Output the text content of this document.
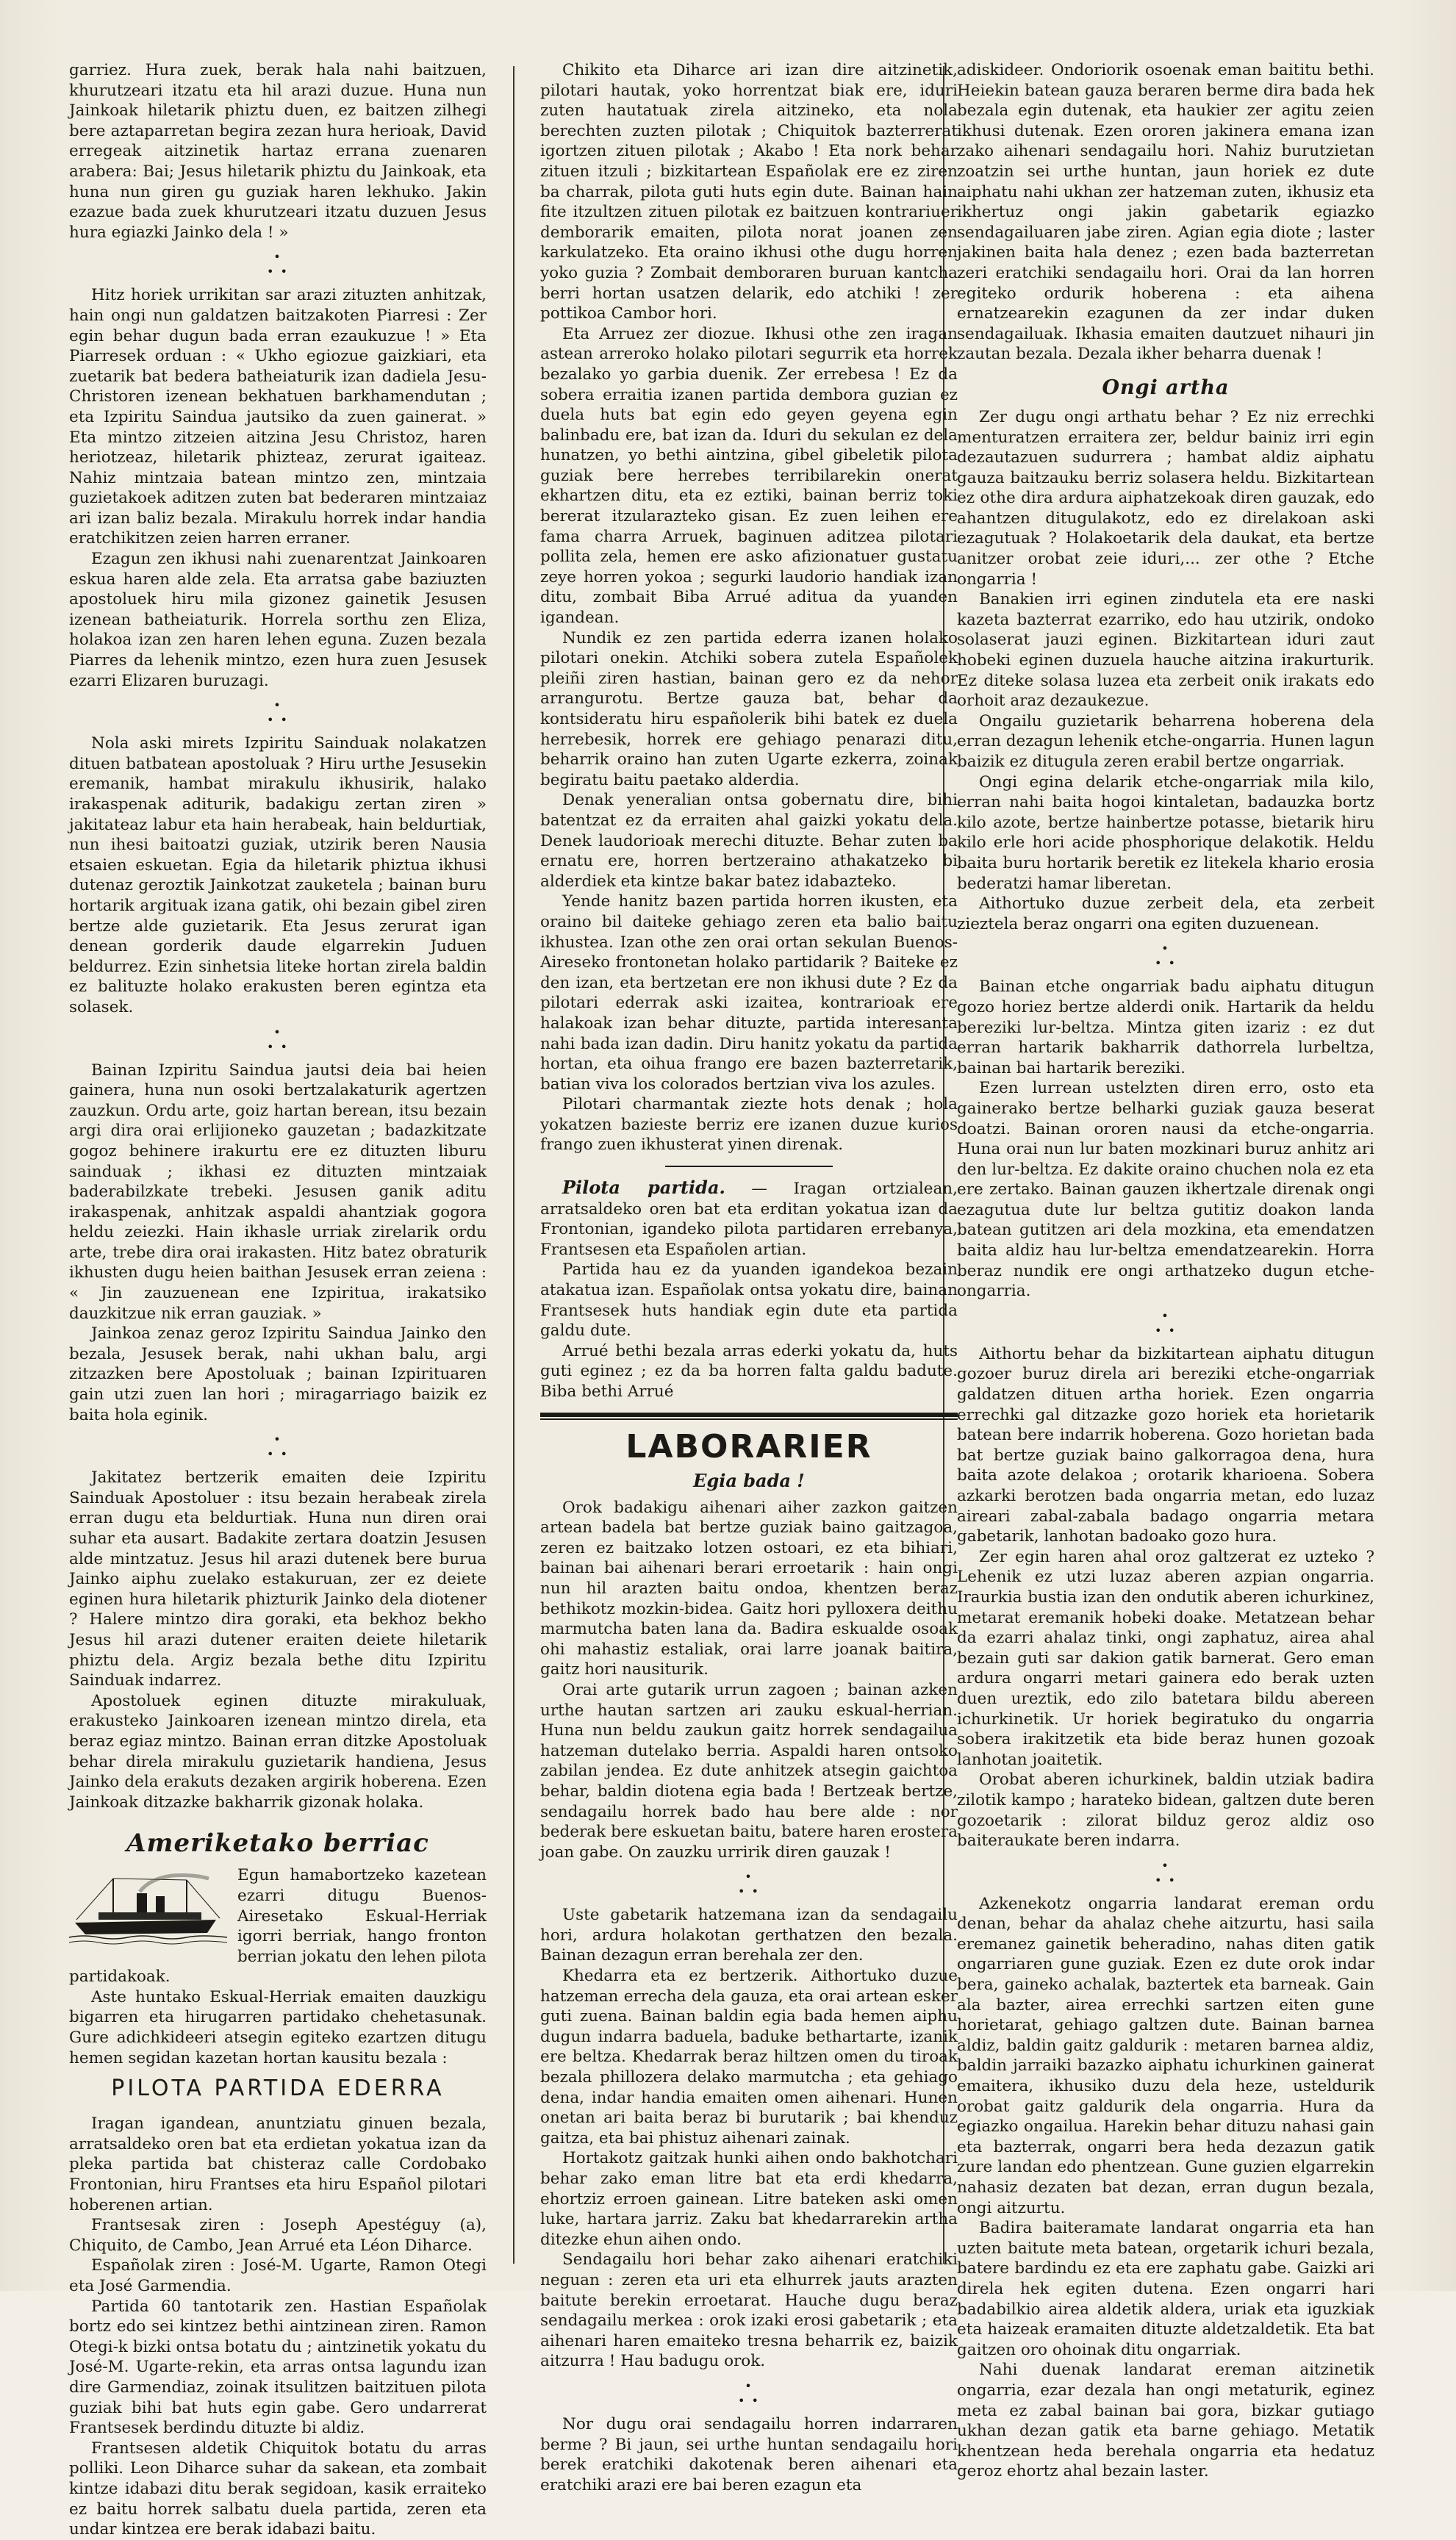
garriez. Hura zuek, berak hala nahi baitzuen, khurutzeari itzatu eta hil arazi duzue. Huna nun Jainkoak hiletarik phiztu duen, ez baitzen zilhegi bere aztaparretan begira zezan hura herioak, David erregeak aitzinetik hartaz errana zuenaren arabera: Bai; Jesus hiletarik phiztu du Jainkoak, eta huna nun giren gu guziak haren lekhuko. Jakin ezazue bada zuek khurutzeari itzatu duzuen Jesus hura egiazki Jainko dela ! »

•
• •

Hitz horiek urrikitan sar arazi zituzten anhitzak, hain ongi nun galdatzen baitzakoten Piarresi : Zer egin behar dugun bada erran ezaukuzue ! » Eta Piarresek orduan : « Ukho egiozue gaizkiari, eta zuetarik bat bedera batheiaturik izan dadiela Jesu-Christoren izenean bekhatuen barkhamendutan ; eta Izpiritu Saindua jautsiko da zuen gainerat. » Eta mintzo zitzeien aitzina Jesu Christoz, haren heriotzeaz, hiletarik phizteaz, zerurat igaiteaz. Nahiz mintzaia batean mintzo zen, mintzaia guzietakoek aditzen zuten bat bederaren mintzaiaz ari izan baliz bezala. Mirakulu horrek indar handia eratchikitzen zeien harren erraner.

Ezagun zen ikhusi nahi zuenarentzat Jainkoaren eskua haren alde zela. Eta arratsa gabe baziuzten apostoluek hiru mila gizonez gainetik Jesusen izenean batheiaturik. Horrela sorthu zen Eliza, holakoa izan zen haren lehen eguna. Zuzen bezala Piarres da lehenik mintzo, ezen hura zuen Jesusek ezarri Elizaren buruzagi.

•
• •

Nola aski mirets Izpiritu Sainduak nolakatzen dituen batbatean apostoluak ? Hiru urthe Jesusekin eremanik, hambat mirakulu ikhusirik, halako irakaspenak aditurik, badakigu zertan ziren » jakitateaz labur eta hain herabeak, hain beldurtiak, nun ihesi baitoatzi guziak, utzirik beren Nausia etsaien eskuetan. Egia da hiletarik phiztua ikhusi dutenaz geroztik Jainkotzat zauketela ; bainan buru hortarik argituak izana gatik, ohi bezain gibel ziren bertze alde guzietarik. Eta Jesus zerurat igan denean gorderik daude elgarrekin Juduen beldurrez. Ezin sinhetsia liteke hortan zirela baldin ez balituzte holako erakusten beren egintza eta solasek.

•
• •

Bainan Izpiritu Saindua jautsi deia bai heien gainera, huna nun osoki bertzalakaturik agertzen zauzkun. Ordu arte, goiz hartan berean, itsu bezain argi dira orai erlijioneko gauzetan ; badazkitzate gogoz behinere irakurtu ere ez dituzten liburu sainduak ; ikhasi ez dituzten mintzaiak baderabilzkate trebeki. Jesusen ganik aditu irakaspenak, anhitzak aspaldi ahantziak gogora heldu zeiezki. Hain ikhasle urriak zirelarik ordu arte, trebe dira orai irakasten. Hitz batez obraturik ikhusten dugu heien baithan Jesusek erran zeiena : « Jin zauzuenean ene Izpiritua, irakatsiko dauzkitzue nik erran gauziak. »

Jainkoa zenaz geroz Izpiritu Saindua Jainko den bezala, Jesusek berak, nahi ukhan balu, argi zitzazken bere Apostoluak ; bainan Izpirituaren gain utzi zuen lan hori ; miragarriago baizik ez baita hola eginik.

•
• •

Jakitatez bertzerik emaiten deie Izpiritu Sainduak Apostoluer : itsu bezain herabeak zirela erran dugu eta beldurtiak. Huna nun diren orai suhar eta ausart. Badakite zertara doatzin Jesusen alde mintzatuz. Jesus hil arazi dutenek bere burua Jainko aiphu zuelako estakuruan, zer ez deiete eginen hura hiletarik phizturik Jainko dela diotener ? Halere mintzo dira goraki, eta bekhoz bekho Jesus hil arazi dutener eraiten deiete hiletarik phiztu dela. Argiz bezala bethe ditu Izpiritu Sainduak indarrez.

Apostoluek eginen dituzte mirakuluak, erakusteko Jainkoaren izenean mintzo direla, eta beraz egiaz mintzo. Bainan erran ditzke Apostoluak behar direla mirakulu guzietarik handiena, Jesus Jainko dela erakuts dezaken argirik hoberena. Ezen Jainkoak ditzazke bakharrik gizonak holaka.

Ameriketako berriac

Egun hamabortzeko kazetean ezarri ditugu Buenos-Airesetako Eskual-Herriak igorri berriak, hango fronton berrian jokatu den lehen pilota partidakoak.

Aste huntako Eskual-Herriak emaiten dauzkigu bigarren eta hirugarren partidako chehetasunak. Gure adichkideeri atsegin egiteko ezartzen ditugu hemen segidan kazetan hortan kausitu bezala :

PILOTA PARTIDA EDERRA

Iragan igandean, anuntziatu ginuen bezala, arratsaldeko oren bat eta erdietan yokatua izan da pleka partida bat chisteraz calle Cordobako Frontonian, hiru Frantses eta hiru Español pilotari hoberenen artian.

Frantsesak ziren : Joseph Apestéguy (a), Chiquito, de Cambo, Jean Arrué eta Léon Diharce.

Españolak ziren : José-M. Ugarte, Ramon Otegi eta José Garmendia.

Partida 60 tantotarik zen. Hastian Españolak bortz edo sei kintzez bethi aintzinean ziren. Ramon Otegi-k bizki ontsa botatu du ; aintzinetik yokatu du José-M. Ugarte-rekin, eta arras ontsa lagundu izan dire Garmendiaz, zoinak itsulitzen baitzituen pilota guziak bihi bat huts egin gabe. Gero undarrerat Frantsesek berdindu dituzte bi aldiz.

Frantsesen aldetik Chiquitok botatu du arras polliki. Leon Diharce suhar da sakean, eta zombait kintze idabazi ditu berak segidoan, kasik erraiteko ez baitu horrek salbatu duela partida, zeren eta undar kintzea ere berak idabazi baitu.

Chikito eta Diharce ari izan dire aitzinetik, pilotari hautak, yoko horrentzat biak ere, iduri zuten hautatuak zirela aitzineko, eta nola berechten zuzten pilotak ; Chiquitok bazterrerat igortzen zituen pilotak ; Akabo ! Eta nork behar zituen itzuli ; bizkitartean Españolak ere ez ziren ba charrak, pilota guti huts egin dute. Bainan hain fite itzultzen zituen pilotak ez baitzuen kontrariuer demborarik emaiten, pilota norat joanen zen karkulatzeko. Eta oraino ikhusi othe dugu horren yoko guzia ? Zombait demboraren buruan kantcha berri hortan usatzen delarik, edo atchiki ! zer pottikoa Cambor hori.

Eta Arruez zer diozue. Ikhusi othe zen iragan astean arreroko holako pilotari segurrik eta horrek bezalako yo garbia duenik. Zer errebesa ! Ez da sobera erraitia izanen partida dembora guzian ez duela huts bat egin edo geyen geyena egin balinbadu ere, bat izan da. Iduri du sekulan ez dela hunatzen, yo bethi aintzina, gibel gibeletik pilota guziak bere herrebes terribilarekin onerat ekhartzen ditu, eta ez eztiki, bainan berriz toki bererat itzularazteko gisan. Ez zuen leihen ere fama charra Arruek, baginuen aditzea pilotari pollita zela, hemen ere asko afizionatuer gustatu zeye horren yokoa ; segurki laudorio handiak izan ditu, zombait Biba Arrué aditua da yuanden igandean.

Nundik ez zen partida ederra izanen holako pilotari onekin. Atchiki sobera zutela Españolek pleiñi ziren hastian, bainan gero ez da nehor arrangurotu. Bertze gauza bat, behar da kontsideratu hiru españolerik bihi batek ez duela herrebesik, horrek ere gehiago penarazi ditu, beharrik oraino han zuten Ugarte ezkerra, zoinak begiratu baitu paetako alderdia.

Denak yeneralian ontsa gobernatu dire, bihi batentzat ez da erraiten ahal gaizki yokatu dela. Denek laudorioak merechi dituzte. Behar zuten ba ernatu ere, horren bertzeraino athakatzeko bi alderdiek eta kintze bakar batez idabazteko.

Yende hanitz bazen partida horren ikusten, eta oraino bil daiteke gehiago zeren eta balio baitu ikhustea. Izan othe zen orai ortan sekulan Buenos-Aireseko frontonetan holako partidarik ? Baiteke ez den izan, eta bertzetan ere non ikhusi dute ? Ez da pilotari ederrak aski izaitea, kontrarioak ere halakoak izan behar dituzte, partida interesanta nahi bada izan dadin. Diru hanitz yokatu da partida hortan, eta oihua frango ere bazen bazterretarik, batian viva los colorados bertzian viva los azules.

Pilotari charmantak ziezte hots denak ; hola yokatzen bazieste berriz ere izanen duzue kurios frango zuen ikhusterat yinen direnak.

Pilota partida. — Iragan ortzialean, arratsaldeko oren bat eta erditan yokatua izan da Frontonian, igandeko pilota partidaren errebanya, Frantsesen eta Españolen artian.

Partida hau ez da yuanden igandekoa bezain atakatua izan. Españolak ontsa yokatu dire, bainan Frantsesek huts handiak egin dute eta partida galdu dute.

Arrué bethi bezala arras ederki yokatu da, huts guti eginez ; ez da ba horren falta galdu badute. Biba bethi Arrué

LABORARIER
Egia bada !

Orok badakigu aihenari aiher zazkon gaitzen artean badela bat bertze guziak baino gaitzagoa, zeren ez baitzako lotzen ostoari, ez eta bihiari, bainan bai aihenari berari erroetarik : hain ongi nun hil arazten baitu ondoa, khentzen beraz bethikotz mozkin-bidea. Gaitz hori pylloxera deithu marmutcha baten lana da. Badira eskualde osoak ohi mahastiz estaliak, orai larre joanak baitira, gaitz hori nausiturik.

Orai arte gutarik urrun zagoen ; bainan azken urthe hautan sartzen ari zauku eskual-herrian. Huna nun beldu zaukun gaitz horrek sendagailua hatzeman dutelako berria. Aspaldi haren ontsoko zabilan jendea. Ez dute anhitzek atsegin gaichtoa behar, baldin diotena egia bada ! Bertzeak bertze, sendagailu horrek bado hau bere alde : nor bederak bere eskuetan baitu, batere haren erostera joan gabe. On zauzku urririk diren gauzak !

•
• •

Uste gabetarik hatzemana izan da sendagailu hori, ardura holakotan gerthatzen den bezala. Bainan dezagun erran berehala zer den.

Khedarra eta ez bertzerik. Aithortuko duzue hatzeman errecha dela gauza, eta orai artean esker guti zuena. Bainan baldin egia bada hemen aiphu dugun indarra baduela, baduke bethartarte, izanik ere beltza. Khedarrak beraz hiltzen omen du tiroak bezala phillozera delako marmutcha ; eta gehiago dena, indar handia emaiten omen aihenari. Hunen onetan ari baita beraz bi burutarik ; bai khenduz gaitza, eta bai phistuz aihenari zainak.

Hortakotz gaitzak hunki aihen ondo bakhotchari behar zako eman litre bat eta erdi khedarra, ehortziz erroen gainean. Litre bateken aski omen luke, hartara jarriz. Zaku bat khedarrarekin artha ditezke ehun aihen ondo.

Sendagailu hori behar zako aihenari eratchiki neguan : zeren eta uri eta elhurrek jauts arazten baitute berekin erroetarat. Hauche dugu beraz sendagailu merkea : orok izaki erosi gabetarik ; eta aihenari haren emaiteko tresna beharrik ez, baizik aitzurra ! Hau badugu orok.

•
• •

Nor dugu orai sendagailu horren indarraren berme ? Bi jaun, sei urthe huntan sendagailu hori berek eratchiki dakotenak beren aihenari eta eratchiki arazi ere bai beren ezagun eta

adiskideer. Ondoriorik osoenak eman baititu bethi. Heiekin batean gauza beraren berme dira bada hek bezala egin dutenak, eta haukier zer agitu zeien ikhusi dutenak. Ezen ororen jakinera emana izan zako aihenari sendagailu hori. Nahiz burutzietan zoatzin sei urthe huntan, jaun horiek ez dute aiphatu nahi ukhan zer hatzeman zuten, ikhusiz eta ikhertuz ongi jakin gabetarik egiazko sendagailuaren jabe ziren. Agian egia diote ; laster jakinen baita hala denez ; ezen bada bazterretan zeri eratchiki sendagailu hori. Orai da lan horren egiteko ordurik hoberena : eta aihena ernatzearekin ezagunen da zer indar duken sendagailuak. Ikhasia emaiten dautzuet nihauri jin zautan bezala. Dezala ikher beharra duenak !

Ongi artha

Zer dugu ongi arthatu behar ? Ez niz errechki menturatzen erraitera zer, beldur bainiz irri egin dezautazuen sudurrera ; hambat aldiz aiphatu gauza baitzauku berriz solasera heldu. Bizkitartean ez othe dira ardura aiphatzekoak diren gauzak, edo ahantzen ditugulakotz, edo ez direlakoan aski ezagutuak ? Holakoetarik dela daukat, eta bertze anitzer orobat zeie iduri,... zer othe ? Etche ongarria !

Banakien irri eginen zindutela eta ere naski kazeta bazterrat ezarriko, edo hau utzirik, ondoko solaserat jauzi eginen. Bizkitartean iduri zaut hobeki eginen duzuela hauche aitzina irakurturik. Ez diteke solasa luzea eta zerbeit onik irakats edo orhoit araz dezaukezue.

Ongailu guzietarik beharrena hoberena dela erran dezagun lehenik etche-ongarria. Hunen lagun baizik ez ditugula zeren erabil bertze ongarriak.

Ongi egina delarik etche-ongarriak mila kilo, erran nahi baita hogoi kintaletan, badauzka bortz kilo azote, bertze hainbertze potasse, bietarik hiru kilo erle hori acide phosphorique delakotik. Heldu baita buru hortarik beretik ez litekela khario erosia bederatzi hamar liberetan.

Aithortuko duzue zerbeit dela, eta zerbeit zieztela beraz ongarri ona egiten duzuenean.

•
• •

Bainan etche ongarriak badu aiphatu ditugun gozo horiez bertze alderdi onik. Hartarik da heldu bereziki lur-beltza. Mintza giten izariz : ez dut erran hartarik bakharrik dathorrela lurbeltza, bainan bai hartarik bereziki.

Ezen lurrean ustelzten diren erro, osto eta gainerako bertze belharki guziak gauza beserat doatzi. Bainan ororen nausi da etche-ongarria. Huna orai nun lur baten mozkinari buruz anhitz ari den lur-beltza. Ez dakite oraino chuchen nola ez eta ere zertako. Bainan gauzen ikhertzale direnak ongi ezagutua dute lur beltza gutitiz doakon landa batean gutitzen ari dela mozkina, eta emendatzen baita aldiz hau lur-beltza emendatzearekin. Horra beraz nundik ere ongi arthatzeko dugun etche-ongarria.

•
• •

Aithortu behar da bizkitartean aiphatu ditugun gozoer buruz direla ari bereziki etche-ongarriak galdatzen dituen artha horiek. Ezen ongarria errechki gal ditzazke gozo horiek eta horietarik batean bere indarrik hoberena. Gozo horietan bada bat bertze guziak baino galkorragoa dena, hura baita azote delakoa ; orotarik kharioena. Sobera azkarki berotzen bada ongarria metan, edo luzaz aireari zabal-zabala badago ongarria metara gabetarik, lanhotan badoako gozo hura.

Zer egin haren ahal oroz galtzerat ez uzteko ? Lehenik ez utzi luzaz aberen azpian ongarria. Iraurkia bustia izan den ondutik aberen ichurkinez, metarat eremanik hobeki doake. Metatzean behar da ezarri ahalaz tinki, ongi zaphatuz, airea ahal bezain guti sar dakion gatik barnerat. Gero eman ardura ongarri metari gainera edo berak uzten duen ureztik, edo zilo batetara bildu abereen ichurkinetik. Ur horiek begiratuko du ongarria sobera irakitzetik eta bide beraz hunen gozoak lanhotan joaitetik.

Orobat aberen ichurkinek, baldin utziak badira zilotik kampo ; harateko bidean, galtzen dute beren gozoetarik : zilorat bilduz geroz aldiz oso baiteraukate beren indarra.

•
• •

Azkenekotz ongarria landarat ereman ordu denan, behar da ahalaz chehe aitzurtu, hasi saila eremanez gainetik beheradino, nahas diten gatik ongarriaren gune guziak. Ezen ez dute orok indar bera, gaineko achalak, baztertek eta barneak. Gain ala bazter, airea errechki sartzen eiten gune horietarat, gehiago galtzen dute. Bainan barnea aldiz, baldin gaitz galdurik : metaren barnea aldiz, baldin jarraiki bazazko aiphatu ichurkinen gainerat emaitera, ikhusiko duzu dela heze, usteldurik orobat gaitz galdurik dela ongarria. Hura da egiazko ongailua. Harekin behar dituzu nahasi gain eta bazterrak, ongarri bera heda dezazun gatik zure landan edo phentzean. Gune guzien elgarrekin nahasiz dezaten bat dezan, erran dugun bezala, ongi aitzurtu.

Badira baiteramate landarat ongarria eta han uzten baitute meta batean, orgetarik ichuri bezala, batere bardindu ez eta ere zaphatu gabe. Gaizki ari direla hek egiten dutena. Ezen ongarri hari badabilkio airea aldetik aldera, uriak eta iguzkiak eta haizeak eramaiten dituzte aldetzaldetik. Eta bat gaitzen oro ohoinak ditu ongarriak.

Nahi duenak landarat ereman aitzinetik ongarria, ezar dezala han ongi metaturik, eginez meta ez zabal bainan bai gora, bizkar gutiago ukhan dezan gatik eta barne gehiago. Metatik khentzean heda berehala ongarria eta hedatuz geroz ehortz ahal bezain laster.
